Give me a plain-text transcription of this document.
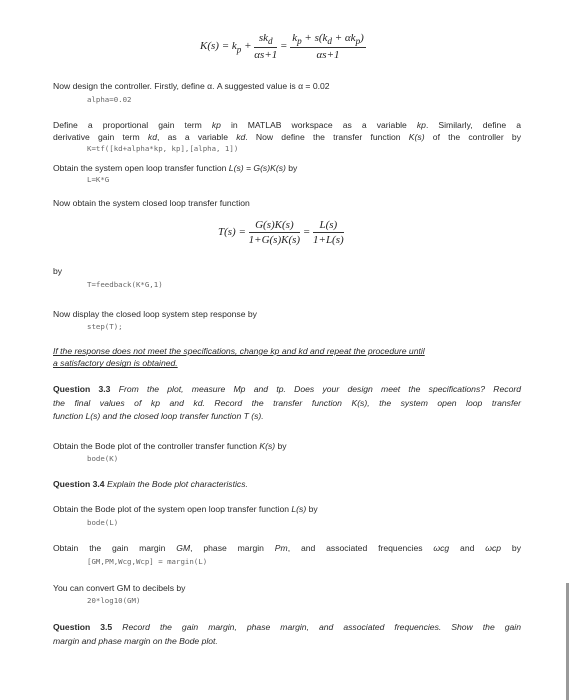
$K(s) = k_p + \frac{sk_d}{\alpha s+1} = \frac{k_p + s(k_d + \alpha k_p)}{\alpha s+1}$
Now design the controller. Firstly, define α. A suggested value is α = 0.02
alpha=0.02
Define a proportional gain term kp in MATLAB workspace as a variable kp. Similarly, define a
derivative gain term kd, as a variable kd. Now define the transfer function K(s) of the controller by
K=tf([kd+alpha*kp, kp],[alpha, 1])
Obtain the system open loop transfer function L(s) = G(s)K(s) by
L=K*G
Now obtain the system closed loop transfer function
$T(s) = \frac{G(s)K(s)}{1+G(s)K(s)} = \frac{L(s)}{1+L(s)}$
by
T=feedback(K*G,1)
Now display the closed loop system step response by
step(T);
If the response does not meet the specifications, change kp and kd and repeat the procedure until
a satisfactory design is obtained.
Question 3.3 From the plot, measure Mp and tp. Does your design meet the specifications? Record
the final values of kp and kd. Record the transfer function K(s), the system open loop transfer
function L(s) and the closed loop transfer function T (s).
Obtain the Bode plot of the controller transfer function K(s) by
bode(K)
Question 3.4 Explain the Bode plot characteristics.
Obtain the Bode plot of the system open loop transfer function L(s) by
bode(L)
Obtain the gain margin GM, phase margin Pm, and associated frequencies ωcg and ωcp by
[GM,PM,Wcg,Wcp] = margin(L)
You can convert GM to decibels by
20*log10(GM)
Question 3.5 Record the gain margin, phase margin, and associated frequencies. Show the gain
margin and phase margin on the Bode plot.
